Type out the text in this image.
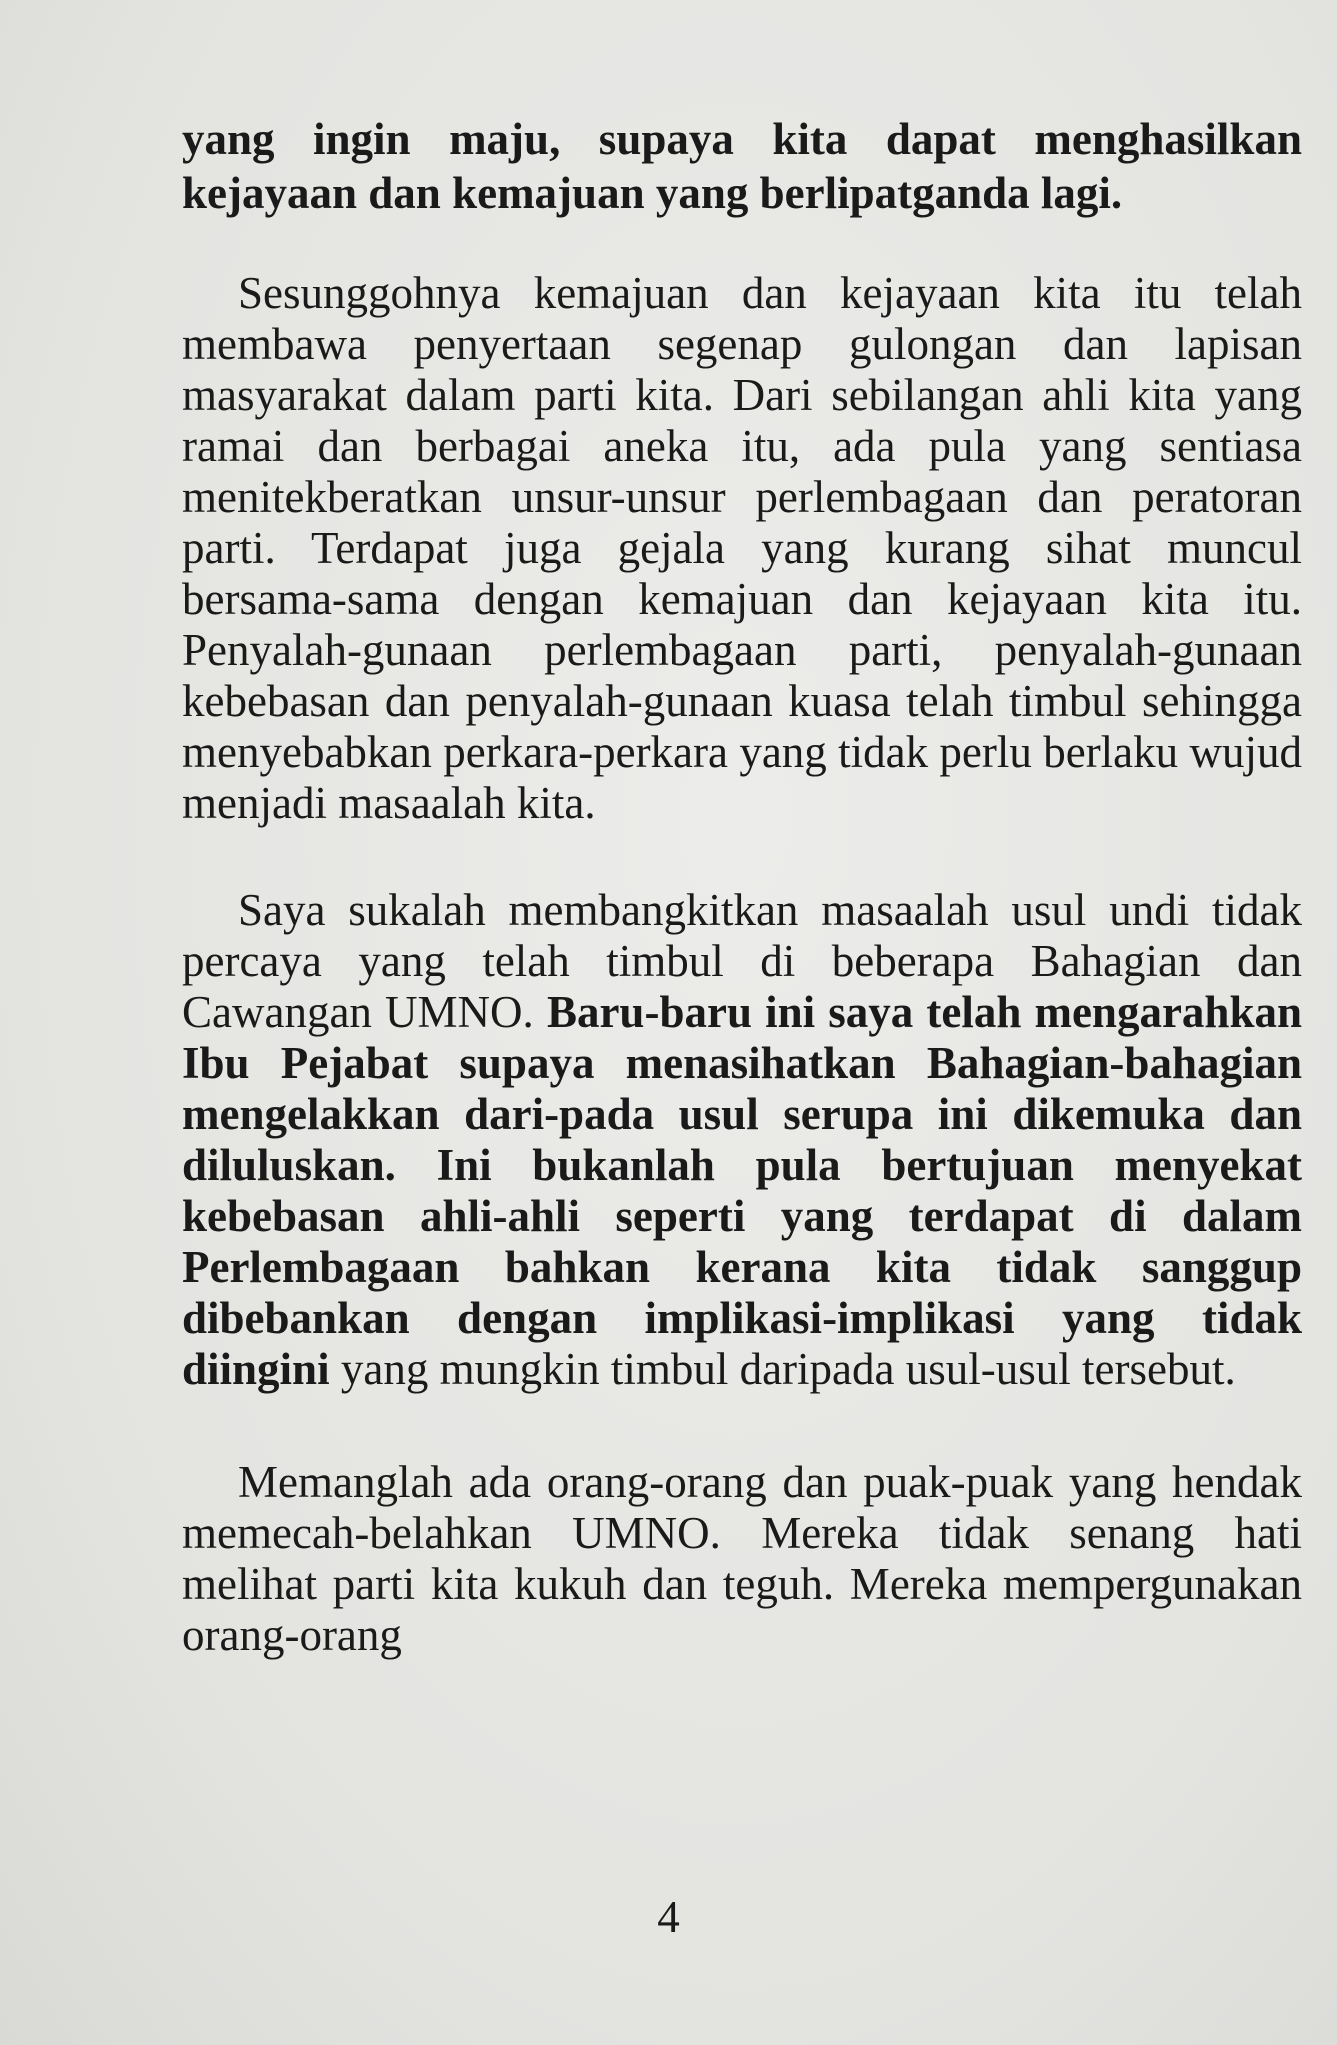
yang ingin maju, supaya kita dapat menghasilkan kejayaan dan kemajuan yang berlipatganda lagi.

Sesunggohnya kemajuan dan kejayaan kita itu telah membawa penyertaan segenap gulongan dan lapisan masyarakat dalam parti kita. Dari sebilangan ahli kita yang ramai dan berbagai aneka itu, ada pula yang sentiasa menitekberatkan unsur-unsur perlembagaan dan peratoran parti. Terdapat juga gejala yang kurang sihat muncul bersama-sama dengan kemajuan dan kejayaan kita itu. Penyalah-gunaan perlembagaan parti, penyalah-gunaan kebebasan dan penyalah-gunaan kuasa telah timbul sehingga menyebabkan perkara-perkara yang tidak perlu berlaku wujud menjadi masaalah kita.

Saya sukalah membangkitkan masaalah usul undi tidak percaya yang telah timbul di beberapa Bahagian dan Cawangan UMNO. Baru-baru ini saya telah mengarahkan Ibu Pejabat supaya menasihatkan Bahagian-bahagian mengelakkan dari-pada usul serupa ini dikemuka dan diluluskan. Ini bukanlah pula bertujuan menyekat kebebasan ahli-ahli seperti yang terdapat di dalam Perlembagaan bahkan kerana kita tidak sanggup dibebankan dengan implikasi-implikasi yang tidak diingini yang mungkin timbul daripada usul-usul tersebut.

Memanglah ada orang-orang dan puak-puak yang hendak memecah-belahkan UMNO. Mereka tidak senang hati melihat parti kita kukuh dan teguh. Mereka mempergunakan orang-orang

4
